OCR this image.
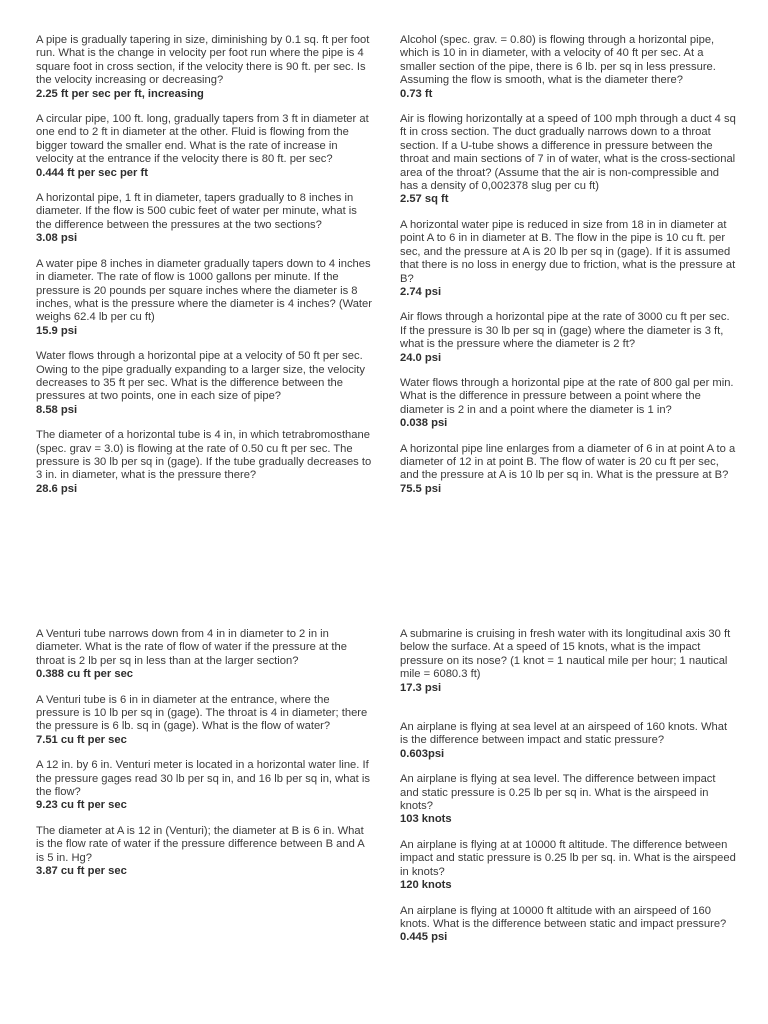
A pipe is gradually tapering in size, diminishing by 0.1 sq. ft per foot run. What is the change in velocity per foot run where the pipe is 4 square foot in cross section, if the velocity there is 90 ft. per sec. Is the velocity increasing or decreasing?

2.25 ft per sec per ft, increasing

A circular pipe, 100 ft. long, gradually tapers from 3 ft in diameter at one end to 2 ft in diameter at the other. Fluid is flowing from the bigger toward the smaller end. What is the rate of increase in velocity at the entrance if the velocity there is 80 ft. per sec?

0.444 ft per sec per ft

A horizontal pipe, 1 ft in diameter, tapers gradually to 8 inches in diameter. If the flow is 500 cubic feet of water per minute, what is the difference between the pressures at the two sections?

3.08 psi

A water pipe 8 inches in diameter gradually tapers down to 4 inches in diameter. The rate of flow is 1000 gallons per minute. If the pressure is 20 pounds per square inches where the diameter is 8 inches, what is the pressure where the diameter is 4 inches? (Water weighs 62.4 lb per cu ft)

15.9 psi

Water flows through a horizontal pipe at a velocity of 50 ft per sec. Owing to the pipe gradually expanding to a larger size, the velocity decreases to 35 ft per sec. What is the difference between the pressures at two points, one in each size of pipe?

8.58 psi

The diameter of a horizontal tube is 4 in, in which tetrabromosthane (spec. grav = 3.0) is flowing at the rate of 0.50 cu ft per sec. The pressure is 30 lb per sq in (gage). If the tube gradually decreases to 3 in. in diameter, what is the pressure there?

28.6 psi

Alcohol (spec. grav. = 0.80) is flowing through a horizontal pipe, which is 10 in in diameter, with a velocity of 40 ft per sec. At a smaller section of the pipe, there is 6 lb. per sq in less pressure. Assuming the flow is smooth, what is the diameter there?

0.73 ft

Air is flowing horizontally at a speed of 100 mph through a duct 4 sq ft in cross section. The duct gradually narrows down to a throat section. If a U-tube shows a difference in pressure between the throat and main sections of 7 in of water, what is the cross-sectional area of the throat? (Assume that the air is non-compressible and has a density of 0,002378 slug per cu ft)

2.57 sq ft

A horizontal water pipe is reduced in size from 18 in in diameter at point A to 6 in in diameter at B. The flow in the pipe is 10 cu ft. per sec, and the pressure at A is 20 lb per sq in (gage). If it is assumed that there is no loss in energy due to friction, what is the pressure at B?

2.74 psi

Air flows through a horizontal pipe at the rate of 3000 cu ft per sec. If the pressure is 30 lb per sq in (gage) where the diameter is 3 ft, what is the pressure where the diameter is 2 ft?

24.0 psi

Water flows through a horizontal pipe at the rate of 800 gal per min. What is the difference in pressure between a point where the diameter is 2 in and a point where the diameter is 1 in?

0.038 psi

A horizontal pipe line enlarges from a diameter of 6 in at point A to a diameter of 12 in at point B. The flow of water is 20 cu ft per sec, and the pressure at A is 10 lb per sq in. What is the pressure at B?

75.5 psi

A Venturi tube narrows down from 4 in in diameter to 2 in in diameter. What is the rate of flow of water if the pressure at the throat is 2 lb per sq in less than at the larger section?

0.388 cu ft per sec

A Venturi tube is 6 in in diameter at the entrance, where the pressure is 10 lb per sq in (gage). The throat is 4 in diameter; there the pressure is 6 lb. sq in (gage). What is the flow of water?

7.51 cu ft per sec

A 12 in. by 6 in. Venturi meter is located in a horizontal water line. If the pressure gages read 30 lb per sq in, and 16 lb per sq in, what is the flow?

9.23 cu ft per sec

The diameter at A is 12 in (Venturi); the diameter at B is 6 in. What is the flow rate of water if the pressure difference between B and A is 5 in. Hg?

3.87 cu ft per sec

A submarine is cruising in fresh water with its longitudinal axis 30 ft below the surface. At a speed of 15 knots, what is the impact pressure on its nose? (1 knot = 1 nautical mile per hour; 1 nautical mile = 6080.3 ft)

17.3 psi

An airplane is flying at sea level at an airspeed of 160 knots. What is the difference between impact and static pressure?

0.603psi

An airplane is flying at sea level. The difference between impact and static pressure is 0.25 lb per sq in. What is the airspeed in knots?

103 knots

An airplane is flying at at 10000 ft altitude. The difference between impact and static pressure is 0.25 lb per sq. in. What is the airspeed in knots?

120 knots

An airplane is flying at 10000 ft altitude with an airspeed of 160 knots. What is the difference between static and impact pressure?

0.445 psi
